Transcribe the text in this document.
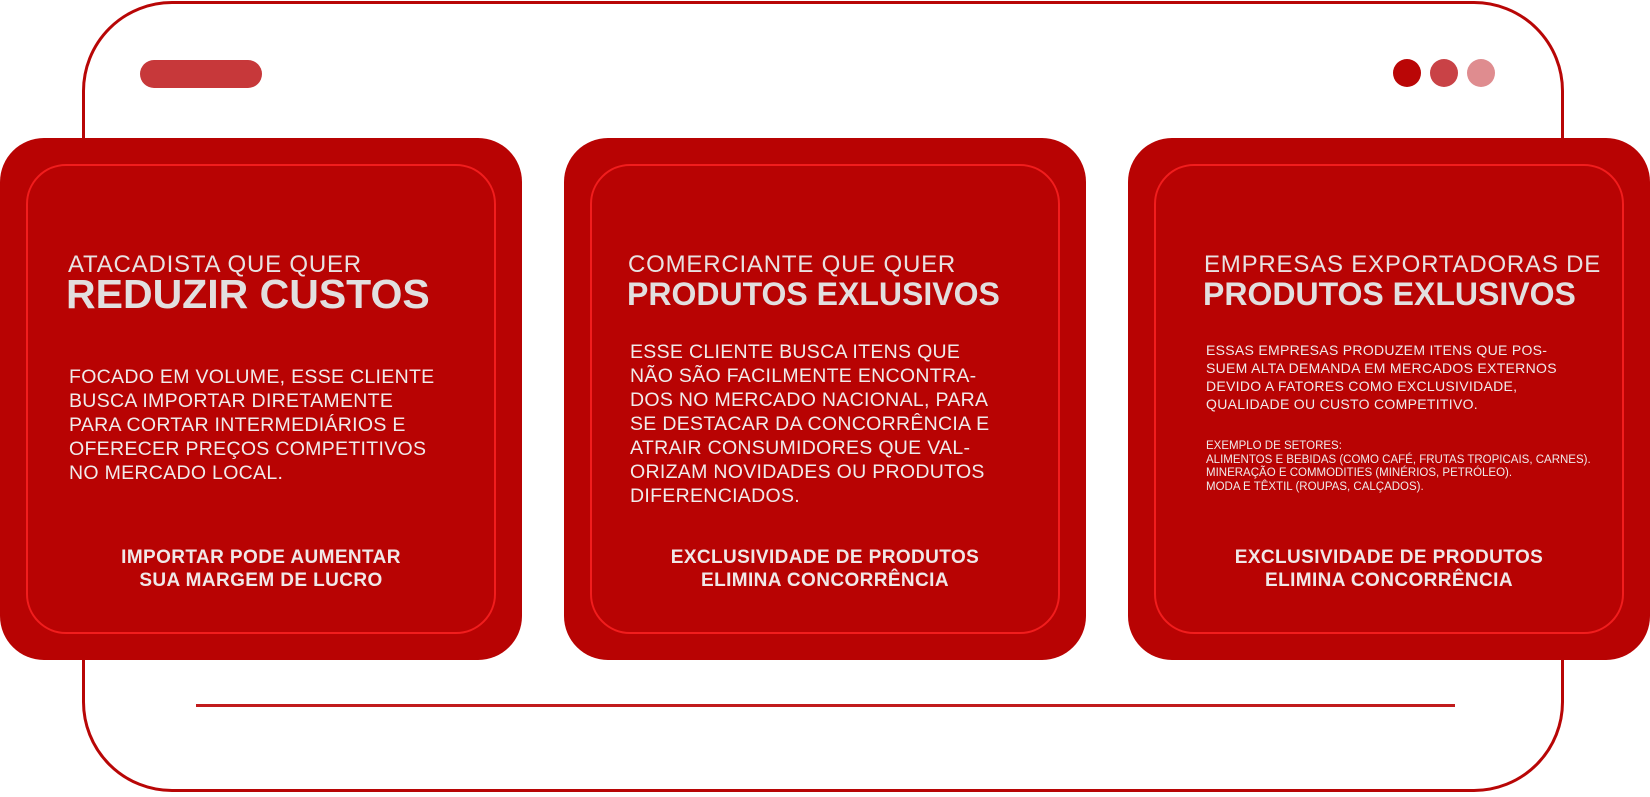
ATACADISTA QUE QUER
REDUZIR CUSTOS
FOCADO EM VOLUME, ESSE CLIENTE
BUSCA IMPORTAR DIRETAMENTE
PARA CORTAR INTERMEDIÁRIOS E
OFERECER PREÇOS COMPETITIVOS
NO MERCADO LOCAL.
IMPORTAR PODE AUMENTAR
SUA MARGEM DE LUCRO
COMERCIANTE QUE QUER
PRODUTOS EXLUSIVOS
ESSE CLIENTE BUSCA ITENS QUE
NÃO SÃO FACILMENTE ENCONTRA-
DOS NO MERCADO NACIONAL, PARA
SE DESTACAR DA CONCORRÊNCIA E
ATRAIR CONSUMIDORES QUE VAL-
ORIZAM NOVIDADES OU PRODUTOS
DIFERENCIADOS.
EXCLUSIVIDADE DE PRODUTOS
ELIMINA CONCORRÊNCIA
EMPRESAS EXPORTADORAS DE
PRODUTOS EXLUSIVOS
ESSAS EMPRESAS PRODUZEM ITENS QUE POS-
SUEM ALTA DEMANDA EM MERCADOS EXTERNOS
DEVIDO A FATORES COMO EXCLUSIVIDADE,
QUALIDADE OU CUSTO COMPETITIVO.
EXEMPLO DE SETORES:
ALIMENTOS E BEBIDAS (COMO CAFÉ, FRUTAS TROPICAIS, CARNES).
MINERAÇÃO E COMMODITIES (MINÉRIOS, PETRÓLEO).
MODA E TÊXTIL (ROUPAS, CALÇADOS).
EXCLUSIVIDADE DE PRODUTOS
ELIMINA CONCORRÊNCIA
